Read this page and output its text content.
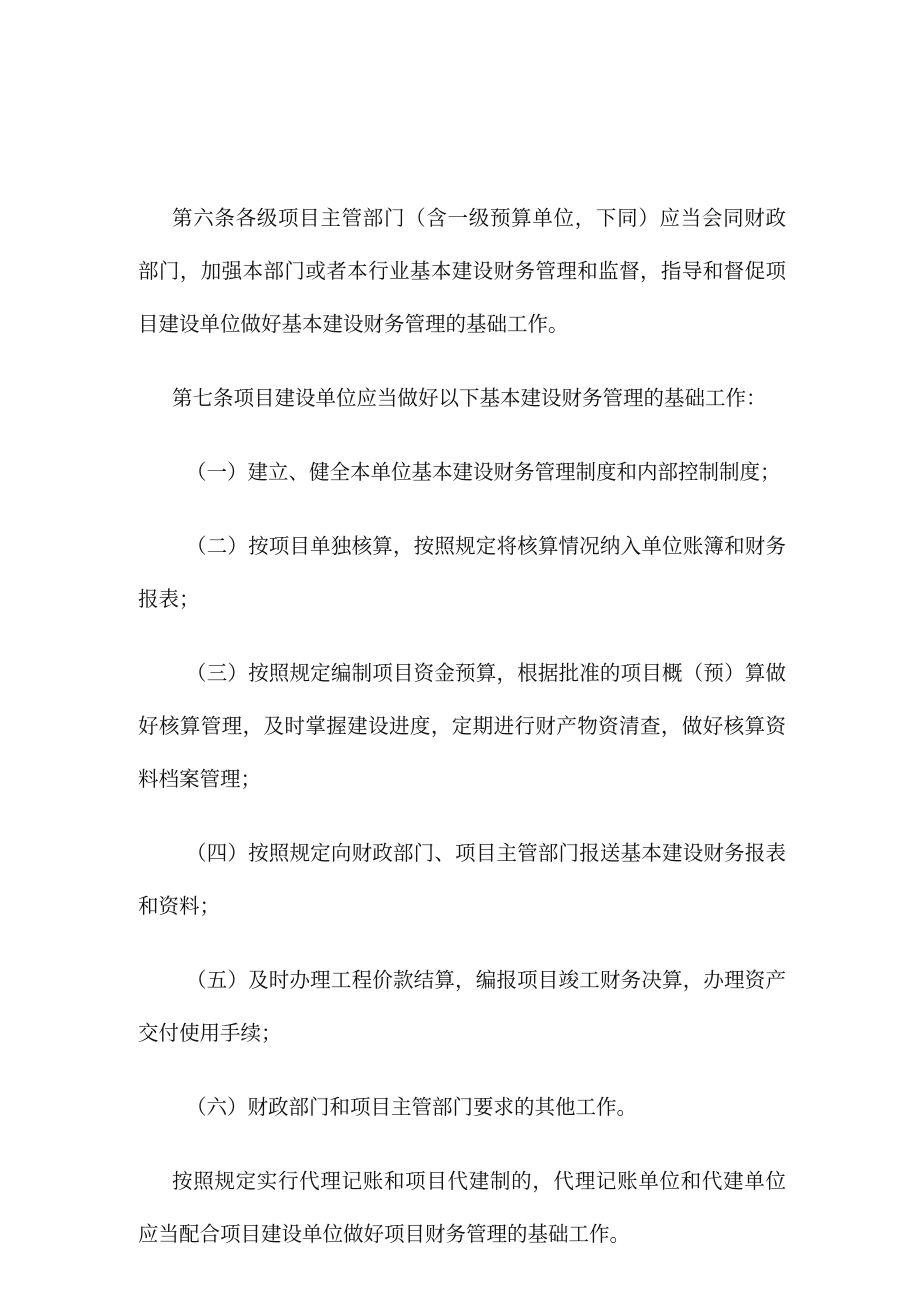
第六条各级项目主管部门（含一级预算单位，下同）应当会同财政部门，加强本部门或者本行业基本建设财务管理和监督，指导和督促项目建设单位做好基本建设财务管理的基础工作。

第七条项目建设单位应当做好以下基本建设财务管理的基础工作：

（一）建立、健全本单位基本建设财务管理制度和内部控制制度；

（二）按项目单独核算，按照规定将核算情况纳入单位账簿和财务报表；

（三）按照规定编制项目资金预算，根据批准的项目概（预）算做好核算管理，及时掌握建设进度，定期进行财产物资清查，做好核算资料档案管理；

（四）按照规定向财政部门、项目主管部门报送基本建设财务报表和资料；

（五）及时办理工程价款结算，编报项目竣工财务决算，办理资产交付使用手续；

（六）财政部门和项目主管部门要求的其他工作。

按照规定实行代理记账和项目代建制的，代理记账单位和代建单位应当配合项目建设单位做好项目财务管理的基础工作。
